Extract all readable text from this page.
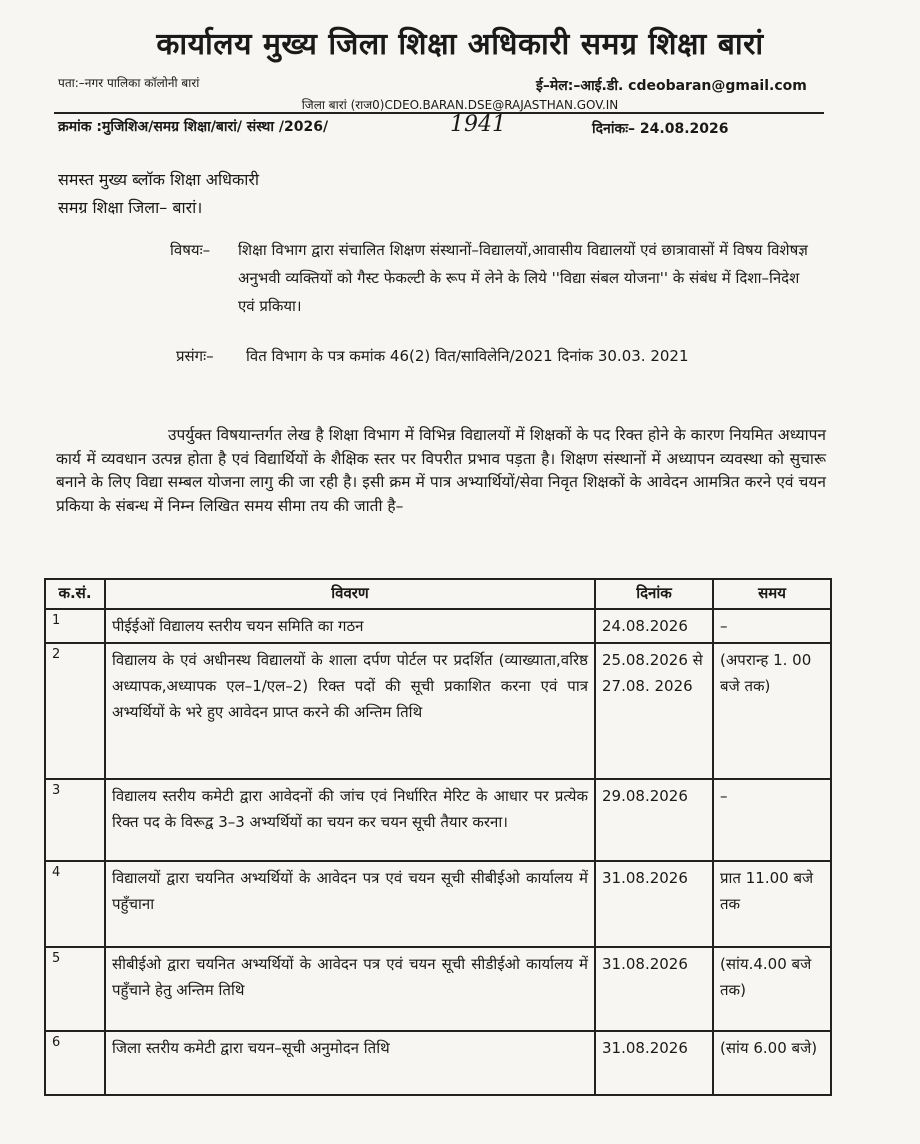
कार्यालय मुख्य जिला शिक्षा अधिकारी समग्र शिक्षा बारां
पता:–नगर पालिका कॉलोनी बारां	ई–मेल:–आई.डी. cdeobaran@gmail.com
जिला बारां (राज0)CDEO.BARAN.DSE@RAJASTHAN.GOV.IN
क्रमांक :मुजिशिअ/समग्र शिक्षा/बारां/ संस्था /2026/	1941	दिनांकः– 24.08.2026
समस्त मुख्य ब्लॉक शिक्षा अधिकारी
समग्र शिक्षा जिला– बारां।
विषयः– शिक्षा विभाग द्वारा संचालित शिक्षण संस्थानों–विद्यालयों,आवासीय विद्यालयों एवं छात्रावासों में विषय विशेषज्ञ अनुभवी व्यक्तियों को गैस्ट फेकल्टी के रूप में लेने के लिये ''विद्या संबल योजना'' के संबंध में दिशा–निदेश एवं प्रकिया।
प्रसंगः– वित विभाग के पत्र कमांक 46(2) वित/साविलेनि/2021 दिनांक 30.03. 2021
उपर्युक्त विषयान्तर्गत लेख है शिक्षा विभाग में विभिन्न विद्यालयों में शिक्षकों के पद रिक्त होने के कारण नियमित अध्यापन कार्य में व्यवधान उत्पन्न होता है एवं विद्यार्थियों के शैक्षिक स्तर पर विपरीत प्रभाव पड़ता है। शिक्षण संस्थानों में अध्यापन व्यवस्था को सुचारू बनाने के लिए विद्या सम्बल योजना लागु की जा रही है। इसी क्रम में पात्र अभ्यार्थियों/सेवा निवृत शिक्षकों के आवेदन आमत्रित करने एवं चयन प्रकिया के संबन्ध में निम्न लिखित समय सीमा तय की जाती है–
क.सं.	विवरण	दिनांक	समय
1	पीईईओं विद्यालय स्तरीय चयन समिति का गठन	24.08.2026	–
2	विद्यालय के एवं अधीनस्थ विद्यालयों के शाला दर्पण पोर्टल पर प्रदर्शित (व्याख्याता,वरिष्ठ अध्यापक,अध्यापक एल–1/एल–2) रिक्त पदों की सूची प्रकाशित करना एवं पात्र अभ्यर्थियों के भरे हुए आवेदन प्राप्त करने की अन्तिम तिथि	25.08.2026 से 27.08. 2026	(अपरान्ह 1. 00 बजे तक)
3	विद्यालय स्तरीय कमेटी द्वारा आवेदनों की जांच एवं निर्धारित मेरिट के आधार पर प्रत्येक रिक्त पद के विरूद्व 3–3 अभ्यर्थियों का चयन कर चयन सूची तैयार करना।	29.08.2026	–
4	विद्यालयों द्वारा चयनित अभ्यर्थियों के आवेदन पत्र एवं चयन सूची सीबीईओ कार्यालय में पहुँचाना	31.08.2026	प्रात 11.00 बजे तक
5	सीबीईओ द्वारा चयनित अभ्यर्थियों के आवेदन पत्र एवं चयन सूची सीडीईओ कार्यालय में पहुँचाने हेतु अन्तिम तिथि	31.08.2026	(सांय.4.00 बजे तक)
6	जिला स्तरीय कमेटी द्वारा चयन–सूची अनुमोदन तिथि	31.08.2026	(सांय 6.00 बजे)
